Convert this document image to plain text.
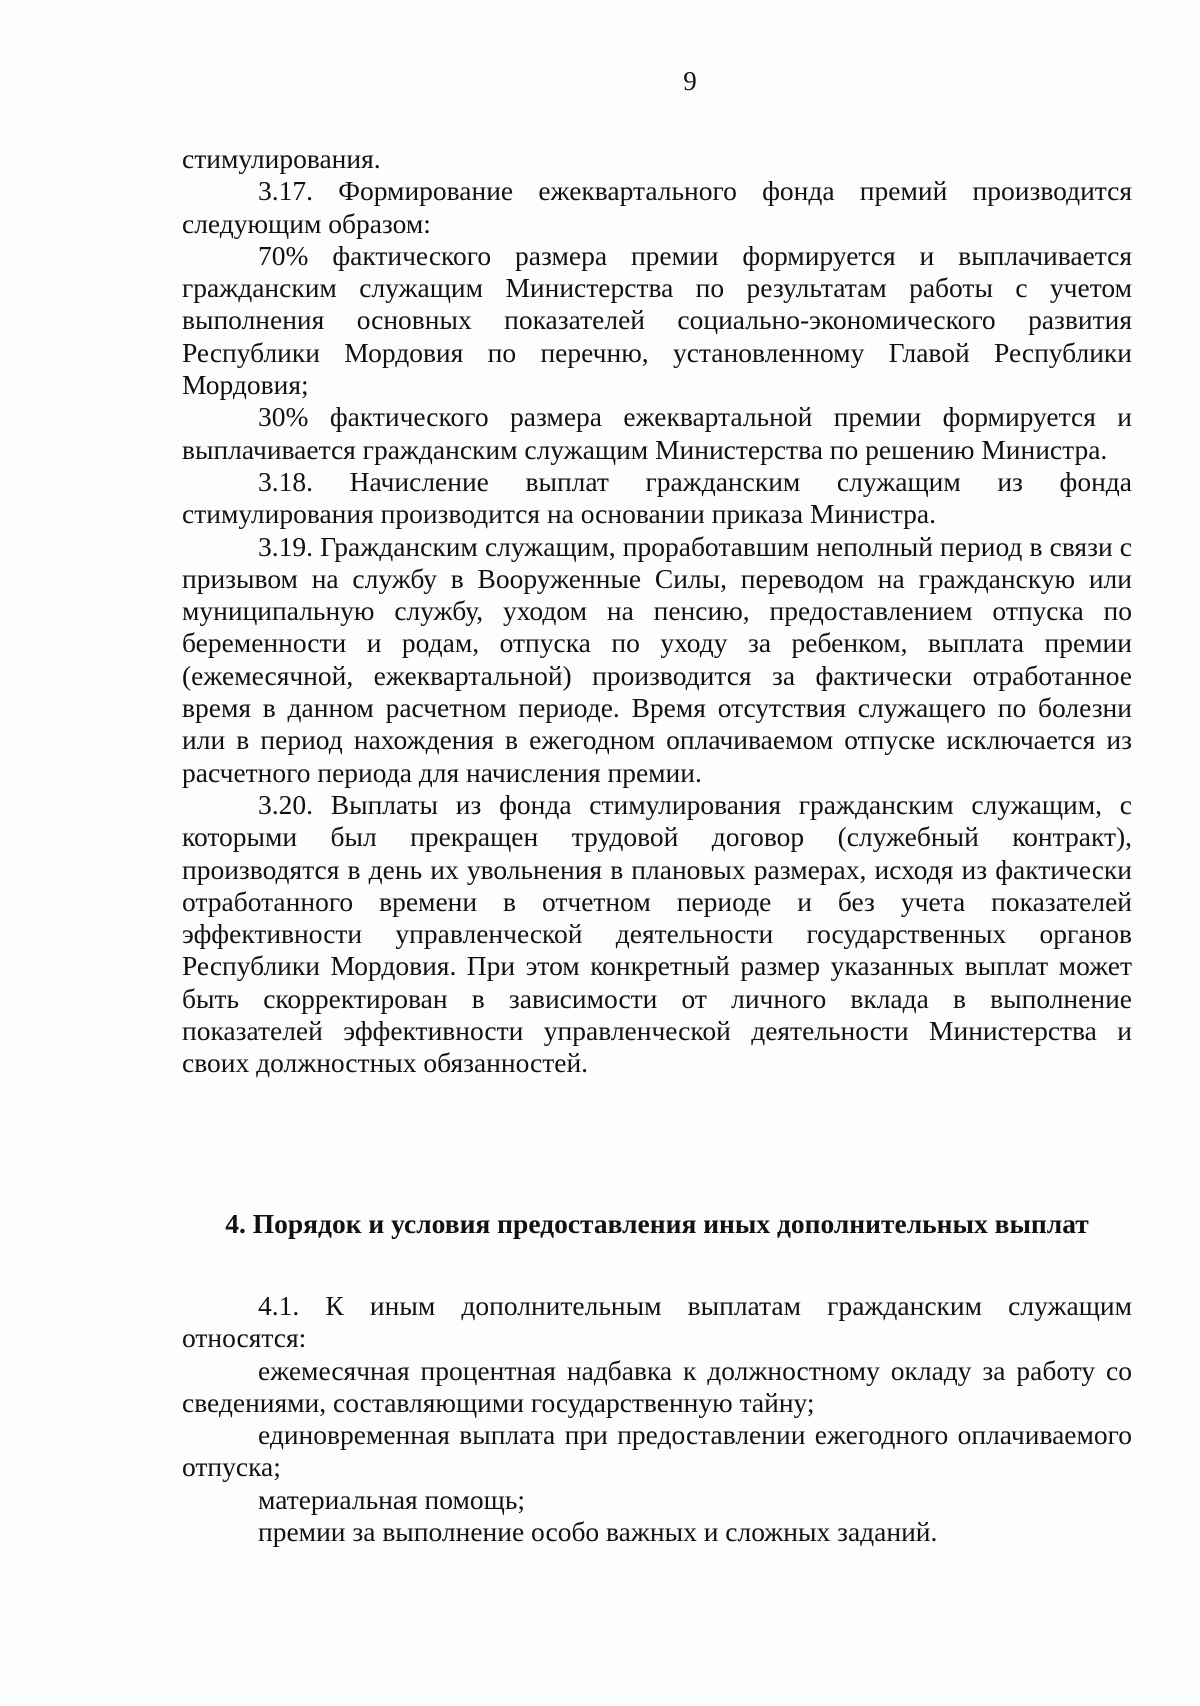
9

стимулирования.

3.17. Формирование ежеквартального фонда премий производится следующим образом:

70% фактического размера премии формируется и выплачивается гражданским служащим Министерства по результатам работы с учетом выполнения основных показателей социально-экономического развития Республики Мордовия по перечню, установленному Главой Республики Мордовия;

30% фактического размера ежеквартальной премии формируется и выплачивается гражданским служащим Министерства по решению Министра.

3.18. Начисление выплат гражданским служащим из фонда стимулирования производится на основании приказа Министра.

3.19. Гражданским служащим, проработавшим неполный период в связи с призывом на службу в Вооруженные Силы, переводом на гражданскую или муниципальную службу, уходом на пенсию, предоставлением отпуска по беременности и родам, отпуска по уходу за ребенком, выплата премии (ежемесячной, ежеквартальной) производится за фактически отработанное время в данном расчетном периоде. Время отсутствия служащего по болезни или в период нахождения в ежегодном оплачиваемом отпуске исключается из расчетного периода для начисления премии.

3.20. Выплаты из фонда стимулирования гражданским служащим, с которыми был прекращен трудовой договор (служебный контракт), производятся в день их увольнения в плановых размерах, исходя из фактически отработанного времени в отчетном периоде и без учета показателей эффективности управленческой деятельности государственных органов Республики Мордовия. При этом конкретный размер указанных выплат может быть скорректирован в зависимости от личного вклада в выполнение показателей эффективности управленческой деятельности Министерства и своих должностных обязанностей.

4. Порядок и условия предоставления иных дополнительных выплат

4.1. К иным дополнительным выплатам гражданским служащим относятся:

ежемесячная процентная надбавка к должностному окладу за работу со сведениями, составляющими государственную тайну;

единовременная выплата при предоставлении ежегодного оплачиваемого отпуска;

материальная помощь;

премии за выполнение особо важных и сложных заданий.
